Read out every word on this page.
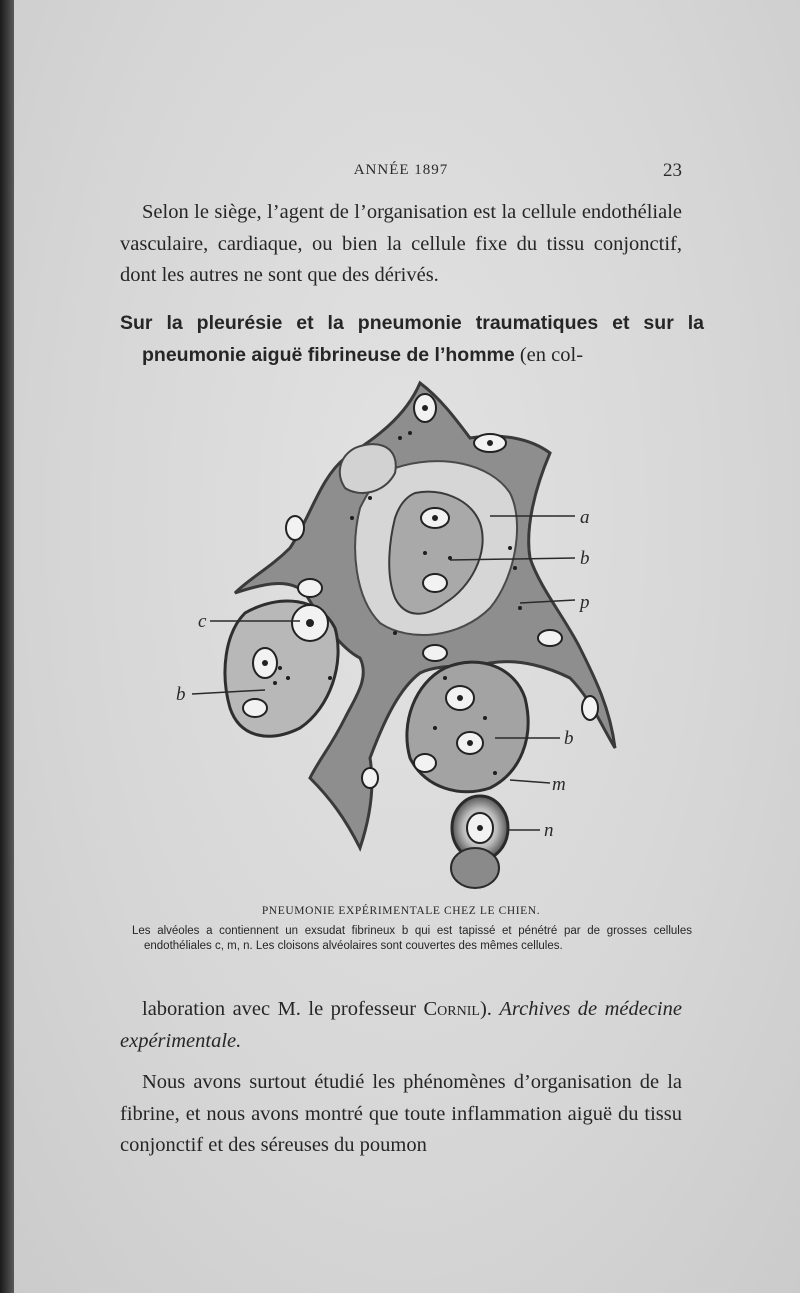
ANNÉE 1897	23

Selon le siège, l’agent de l’organisation est la cellule endothéliale vasculaire, cardiaque, ou bien la cellule fixe du tissu conjonctif, dont les autres ne sont que des dérivés.

Sur la pleurésie et la pneumonie traumatiques et sur la pneumonie aiguë fibrineuse de l’homme (en col-

a
b
p
c
b
b
m
n
PNEUMONIE EXPÉRIMENTALE CHEZ LE CHIEN.
Les alvéoles a contiennent un exsudat fibrineux b qui est tapissé et pénétré par de grosses cellules endothéliales c, m, n. Les cloisons alvéolaires sont couvertes des mêmes cellules.

laboration avec M. le professeur Cornil). Archives de médecine expérimentale.

Nous avons surtout étudié les phénomènes d’organisation de la fibrine, et nous avons montré que toute inflammation aiguë du tissu conjonctif et des séreuses du poumon
